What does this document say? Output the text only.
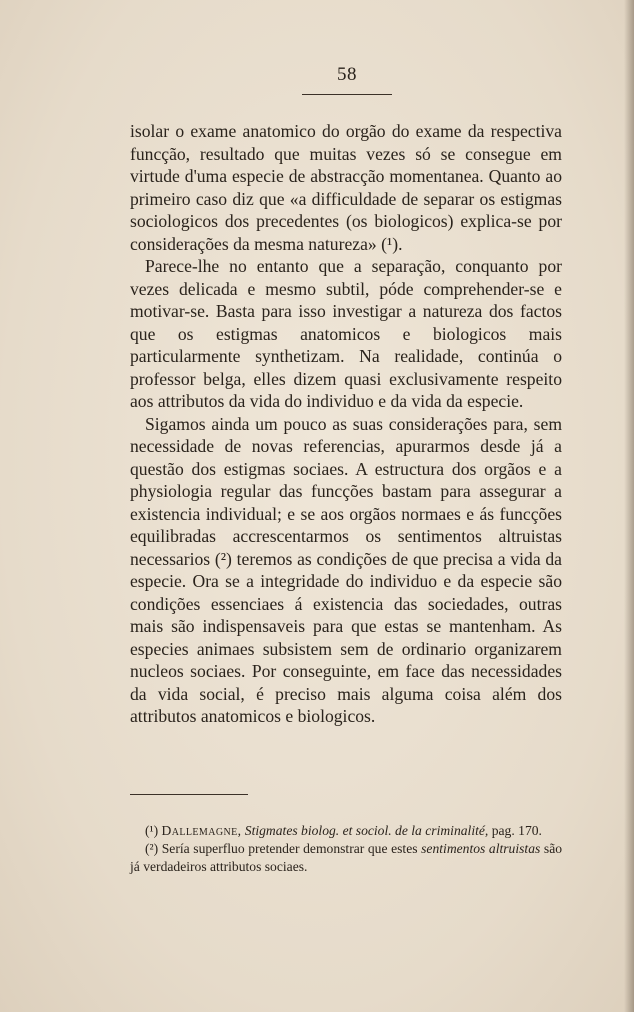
58

isolar o exame anatomico do orgão do exame da respectiva funcção, resultado que muitas vezes só se consegue em virtude d'uma especie de abstracção momentanea. Quanto ao primeiro caso diz que «a difficuldade de separar os estigmas sociologicos dos precedentes (os biologicos) explica-se por considerações da mesma natureza» (¹).

Parece-lhe no entanto que a separação, conquanto por vezes delicada e mesmo subtil, póde comprehender-se e motivar-se. Basta para isso investigar a natureza dos factos que os estigmas anatomicos e biologicos mais particularmente synthetizam. Na realidade, continúa o professor belga, elles dizem quasi exclusivamente respeito aos attributos da vida do individuo e da vida da especie.

Sigamos ainda um pouco as suas considerações para, sem necessidade de novas referencias, apurarmos desde já a questão dos estigmas sociaes. A estructura dos orgãos e a physiologia regular das funcções bastam para assegurar a existencia individual; e se aos orgãos normaes e ás funcções equilibradas accrescentarmos os sentimentos altruistas necessarios (²) teremos as condições de que precisa a vida da especie. Ora se a integridade do individuo e da especie são condições essenciaes á existencia das sociedades, outras mais são indispensaveis para que estas se mantenham. As especies animaes subsistem sem de ordinario organizarem nucleos sociaes. Por conseguinte, em face das necessidades da vida social, é preciso mais alguma coisa além dos attributos anatomicos e biologicos.

(¹) Dallemagne, Stigmates biolog. et sociol. de la criminalité, pag. 170.

(²) Sería superfluo pretender demonstrar que estes sentimentos altruistas são já verdadeiros attributos sociaes.
